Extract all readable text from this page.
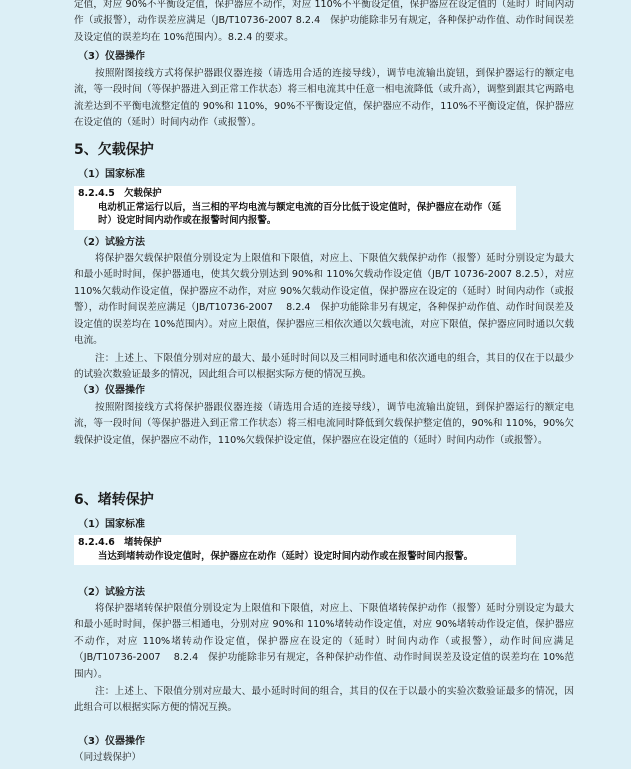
定值，对应 90%不平衡设定值，保护器应不动作，对应 110%不平衡设定值，保护器应在设定值的（延时）时间内动作（或报警），动作误差应满足（JB/T10736-2007 8.2.4　保护功能除非另有规定，各种保护动作值、动作时间误差及设定值的误差均在 10%范围内）。8.2.4 的要求。
（3）仪器操作
按照附图接线方式将保护器跟仪器连接（请选用合适的连接导线），调节电流输出旋钮，到保护器运行的额定电流，等一段时间（等保护器进入到正常工作状态）将三相电流其中任意一相电流降低（或升高），调整到跟其它两路电流差达到不平衡电流整定值的 90%和 110%，90%不平衡设定值，保护器应不动作，110%不平衡设定值，保护器应在设定值的（延时）时间内动作（或报警）。
5、欠载保护
（1）国家标准
8.2.4.5　欠载保护
电动机正常运行以后，当三相的平均电流与额定电流的百分比低于设定值时，保护器应在动作（延时）设定时间内动作或在报警时间内报警。
（2）试验方法
将保护器欠载保护限值分别设定为上限值和下限值，对应上、下限值欠载保护动作（报警）延时分别设定为最大和最小延时时间，保护器通电，使其欠载分别达到 90%和 110%欠载动作设定值（JB/T 10736-2007 8.2.5），对应 110%欠载动作设定值，保护器应不动作，对应 90%欠载动作设定值，保护器应在设定的（延时）时间内动作（或报警），动作时间误差应满足（JB/T10736-2007　 8.2.4　保护功能除非另有规定，各种保护动作值、动作时间误差及设定值的误差均在 10%范围内）。对应上限值，保护器应三相依次通以欠载电流，对应下限值，保护器应同时通以欠载电流。
注：上述上、下限值分别对应的最大、最小延时时间以及三相同时通电和依次通电的组合，其目的仅在于以最少的试验次数验证最多的情况，因此组合可以根据实际方便的情况互换。
（3）仪器操作
按照附图接线方式将保护器跟仪器连接（请选用合适的连接导线），调节电流输出旋钮，到保护器运行的额定电流，等一段时间（等保护器进入到正常工作状态）将三相电流同时降低到欠载保护整定值的，90%和 110%，90%欠载保护设定值，保护器应不动作，110%欠载保护设定值，保护器应在设定值的（延时）时间内动作（或报警）。
6、堵转保护
（1）国家标准
8.2.4.6　堵转保护
当达到堵转动作设定值时，保护器应在动作（延时）设定时间内动作或在报警时间内报警。
（2）试验方法
将保护器堵转保护限值分别设定为上限值和下限值，对应上、下限值堵转保护动作（报警）延时分别设定为最大和最小延时时间，保护器三相通电，分别对应 90%和 110%堵转动作设定值，对应 90%堵转动作设定值，保护器应不动作，对应 110%堵转动作设定值，保护器应在设定的（延时）时间内动作（或报警），动作时间应满足（JB/T10736-2007　 8.2.4　保护功能除非另有规定，各种保护动作值、动作时间误差及设定值的误差均在 10%范围内）。
注：上述上、下限值分别对应最大、最小延时时间的组合，其目的仅在于以最小的实验次数验证最多的情况，因此组合可以根据实际方便的情况互换。
（3）仪器操作
（同过载保护）
